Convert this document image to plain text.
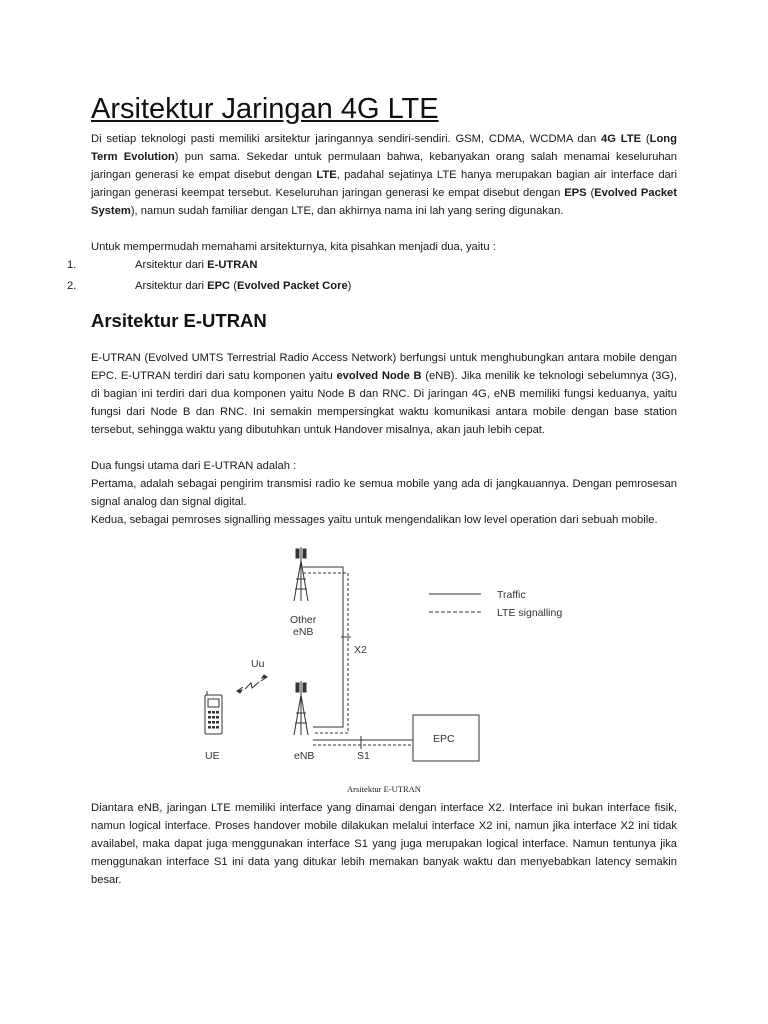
Arsitektur Jaringan 4G LTE

Di setiap teknologi pasti memiliki arsitektur jaringannya sendiri-sendiri. GSM, CDMA, WCDMA dan 4G LTE (Long Term Evolution) pun sama. Sekedar untuk permulaan bahwa, kebanyakan orang salah menamai keseluruhan jaringan generasi ke empat disebut dengan LTE, padahal sejatinya LTE hanya merupakan bagian air interface dari jaringan generasi keempat tersebut. Keseluruhan jaringan generasi ke empat disebut dengan EPS (Evolved Packet System), namun sudah familiar dengan LTE, dan akhirnya nama ini lah yang sering digunakan.

Untuk mempermudah memahami arsitekturnya, kita pisahkan menjadi dua, yaitu :

1.	Arsitektur dari E-UTRAN
2.	Arsitektur dari EPC (Evolved Packet Core)
Arsitektur E-UTRAN

E-UTRAN (Evolved UMTS Terrestrial Radio Access Network) berfungsi untuk menghubungkan antara mobile dengan EPC. E-UTRAN terdiri dari satu komponen yaitu evolved Node B (eNB). Jika menilik ke teknologi sebelumnya (3G), di bagian ini terdiri dari dua komponen yaitu Node B dan RNC. Di jaringan 4G, eNB memiliki fungsi keduanya, yaitu fungsi dari Node B dan RNC. Ini semakin mempersingkat waktu komunikasi antara mobile dengan base station tersebut, sehingga waktu yang dibutuhkan untuk Handover misalnya, akan jauh lebih cepat.

Dua fungsi utama dari E-UTRAN adalah :

Pertama, adalah sebagai pengirim transmisi radio ke semua mobile yang ada di jangkauannya. Dengan pemrosesan signal analog dan signal digital.

Kedua, sebagai pemroses signalling messages yaitu untuk mengendalikan low level operation dari sebuah mobile.

Traffic
LTE signalling
Other
eNB
X2
Uu
UE	eNB	S1
EPC
Arsitektur E-UTRAN

Diantara eNB, jaringan LTE memiliki interface yang dinamai dengan interface X2. Interface ini bukan interface fisik, namun logical interface. Proses handover mobile dilakukan melalui interface X2 ini, namun jika interface X2 ini tidak availabel, maka dapat juga menggunakan interface S1 yang juga merupakan logical interface. Namun tentunya jika menggunakan interface S1 ini data yang ditukar lebih memakan banyak waktu dan menyebabkan latency semakin besar.
